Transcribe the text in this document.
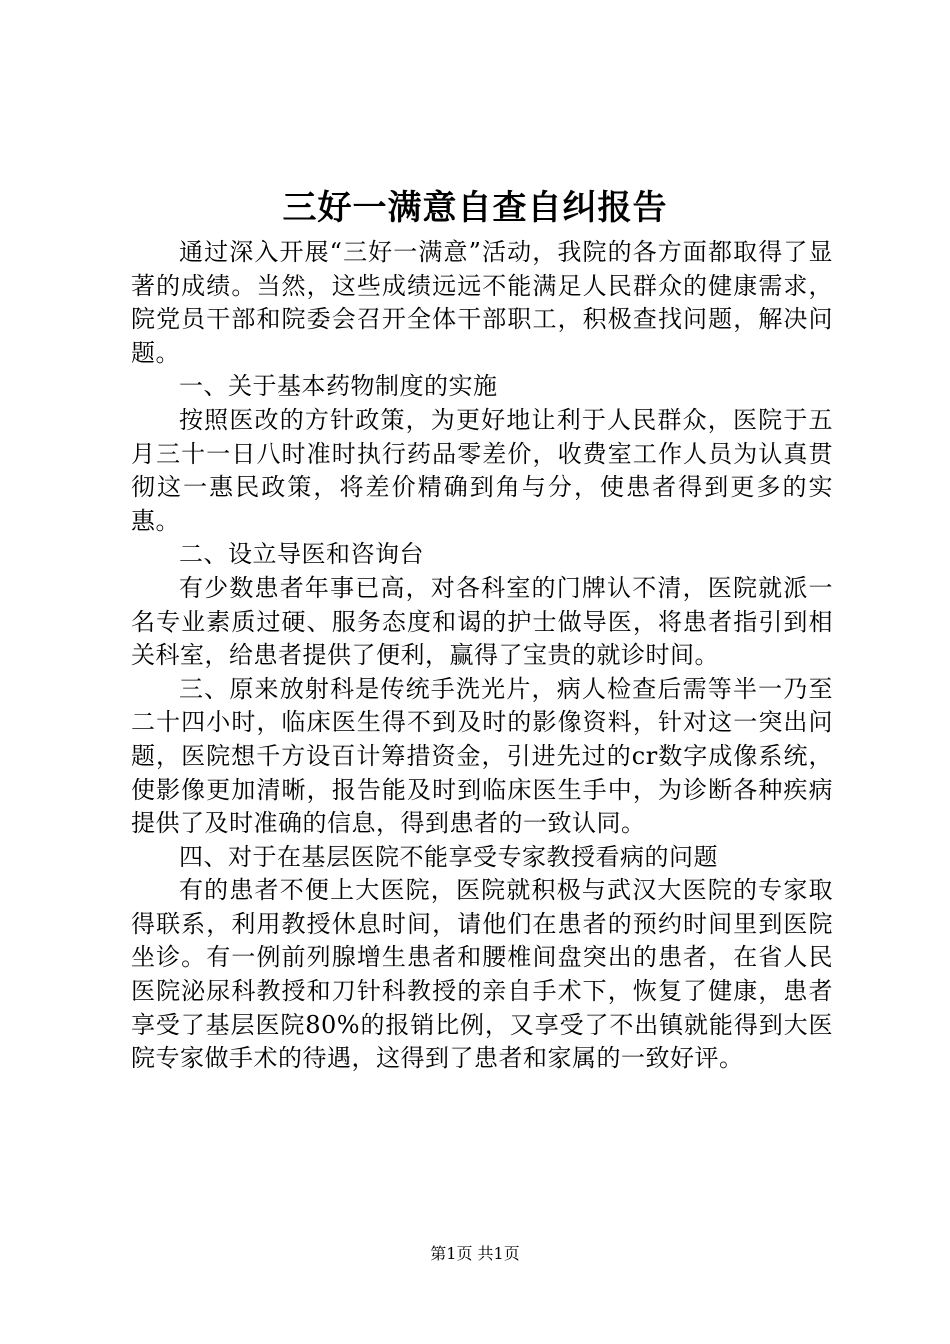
三好一满意自查自纠报告

通过深入开展“三好一满意”活动，我院的各方面都取得了显著的成绩。当然，这些成绩远远不能满足人民群众的健康需求，院党员干部和院委会召开全体干部职工，积极查找问题，解决问题。

一、关于基本药物制度的实施

按照医改的方针政策，为更好地让利于人民群众，医院于五月三十一日八时准时执行药品零差价，收费室工作人员为认真贯彻这一惠民政策，将差价精确到角与分，使患者得到更多的实惠。

二、设立导医和咨询台

有少数患者年事已高，对各科室的门牌认不清，医院就派一名专业素质过硬、服务态度和谒的护士做导医，将患者指引到相关科室，给患者提供了便利，赢得了宝贵的就诊时间。

三、原来放射科是传统手洗光片，病人检查后需等半一乃至二十四小时，临床医生得不到及时的影像资料，针对这一突出问题，医院想千方设百计筹措资金，引进先过的cr数字成像系统，使影像更加清晰，报告能及时到临床医生手中，为诊断各种疾病提供了及时准确的信息，得到患者的一致认同。

四、对于在基层医院不能享受专家教授看病的问题

有的患者不便上大医院，医院就积极与武汉大医院的专家取得联系，利用教授休息时间，请他们在患者的预约时间里到医院坐诊。有一例前列腺增生患者和腰椎间盘突出的患者，在省人民医院泌尿科教授和刀针科教授的亲自手术下，恢复了健康，患者享受了基层医院80%的报销比例，又享受了不出镇就能得到大医院专家做手术的待遇，这得到了患者和家属的一致好评。

第1页 共1页
